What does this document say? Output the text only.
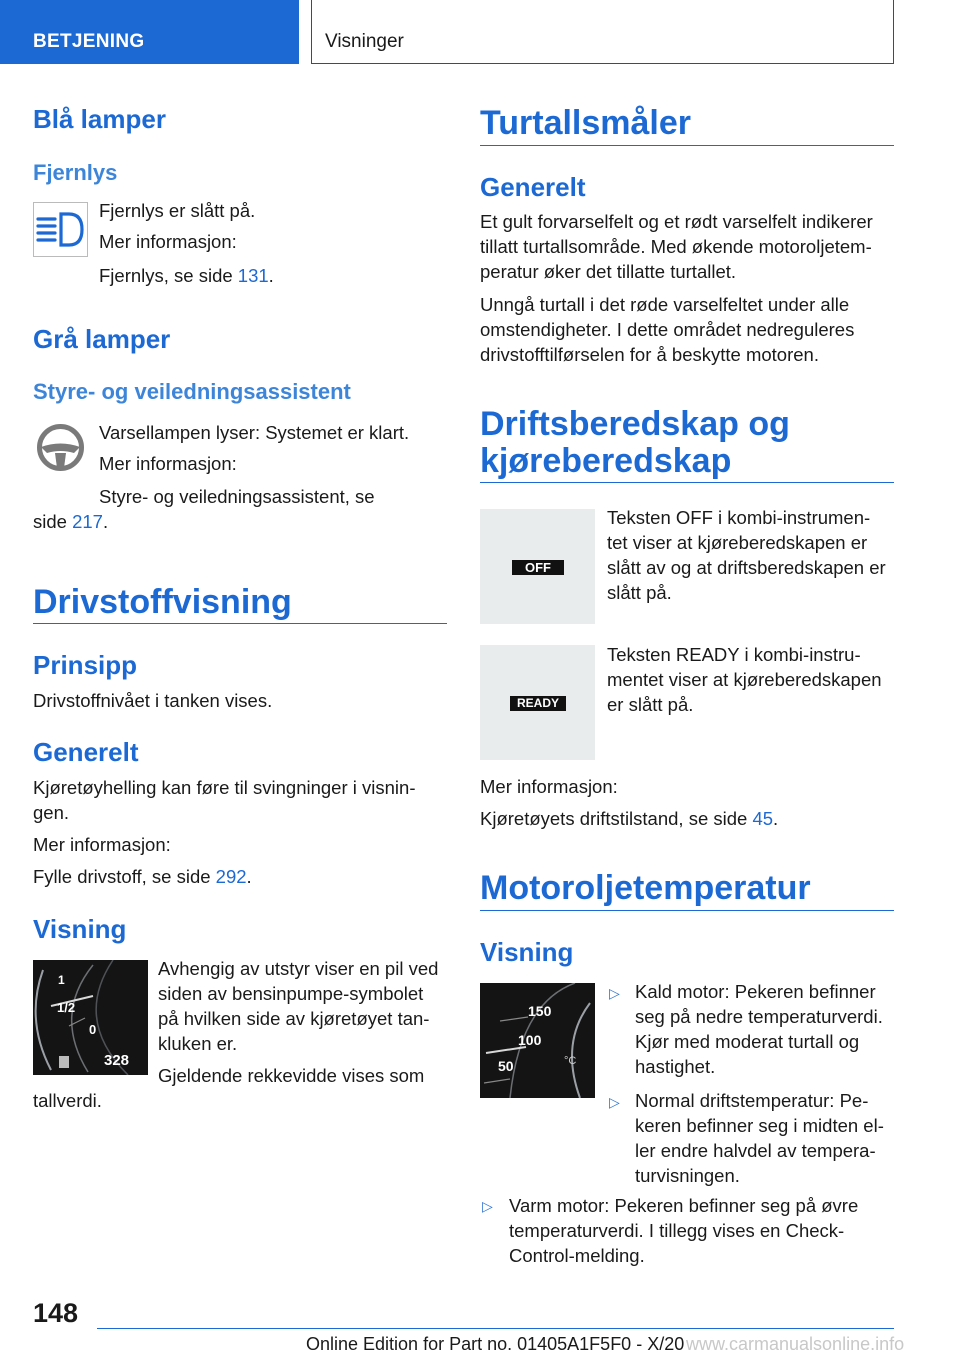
BETJENING	Visninger
Blå lamper
Fjernlys
Fjernlys er slått på.
Mer informasjon:
Fjernlys, se side 131.
Grå lamper
Styre- og veiledningsassistent
Varsellampen lyser: Systemet er klart.
Mer informasjon:
Styre- og veiledningsassistent, se
side 217.
Drivstoffvisning
Prinsipp
Drivstoffnivået i tanken vises.
Generelt
Kjøretøyhelling kan føre til svingninger i visnin-
gen.
Mer informasjon:
Fylle drivstoff, se side 292.
Visning
1
1/2
0
328
Avhengig av utstyr viser en pil ved
siden av bensinpumpe-symbolet
på hvilken side av kjøretøyet tan-
kluken er.
Gjeldende rekkevidde vises som
tallverdi.
Turtallsmåler
Generelt
Et gult forvarselfelt og et rødt varselfelt indikerer
tillatt turtallsområde. Med økende motoroljetem-
peratur øker det tillatte turtallet.
Unngå turtall i det røde varselfeltet under alle
omstendigheter. I dette området nedreguleres
drivstofftilførselen for å beskytte motoren.
Driftsberedskap og
kjøreberedskap
OFF
Teksten OFF i kombi-instrumen-
tet viser at kjøreberedskapen er
slått av og at driftsberedskapen er
slått på.
READY
Teksten READY i kombi-instru-
mentet viser at kjøreberedskapen
er slått på.
Mer informasjon:
Kjøretøyets driftstilstand, se side 45.
Motoroljetemperatur
Visning
150
100
50	°C
▷ Kald motor: Pekeren befinner
seg på nedre temperaturverdi.
Kjør med moderat turtall og
hastighet.
▷ Normal driftstemperatur: Pe-
keren befinner seg i midten el-
ler endre halvdel av tempera-
turvisningen.
▷ Varm motor: Pekeren befinner seg på øvre
temperaturverdi. I tillegg vises en Check-
Control-melding.
148
Online Edition for Part no. 01405A1F5F0 - X/20 www.carmanualsonline.info
